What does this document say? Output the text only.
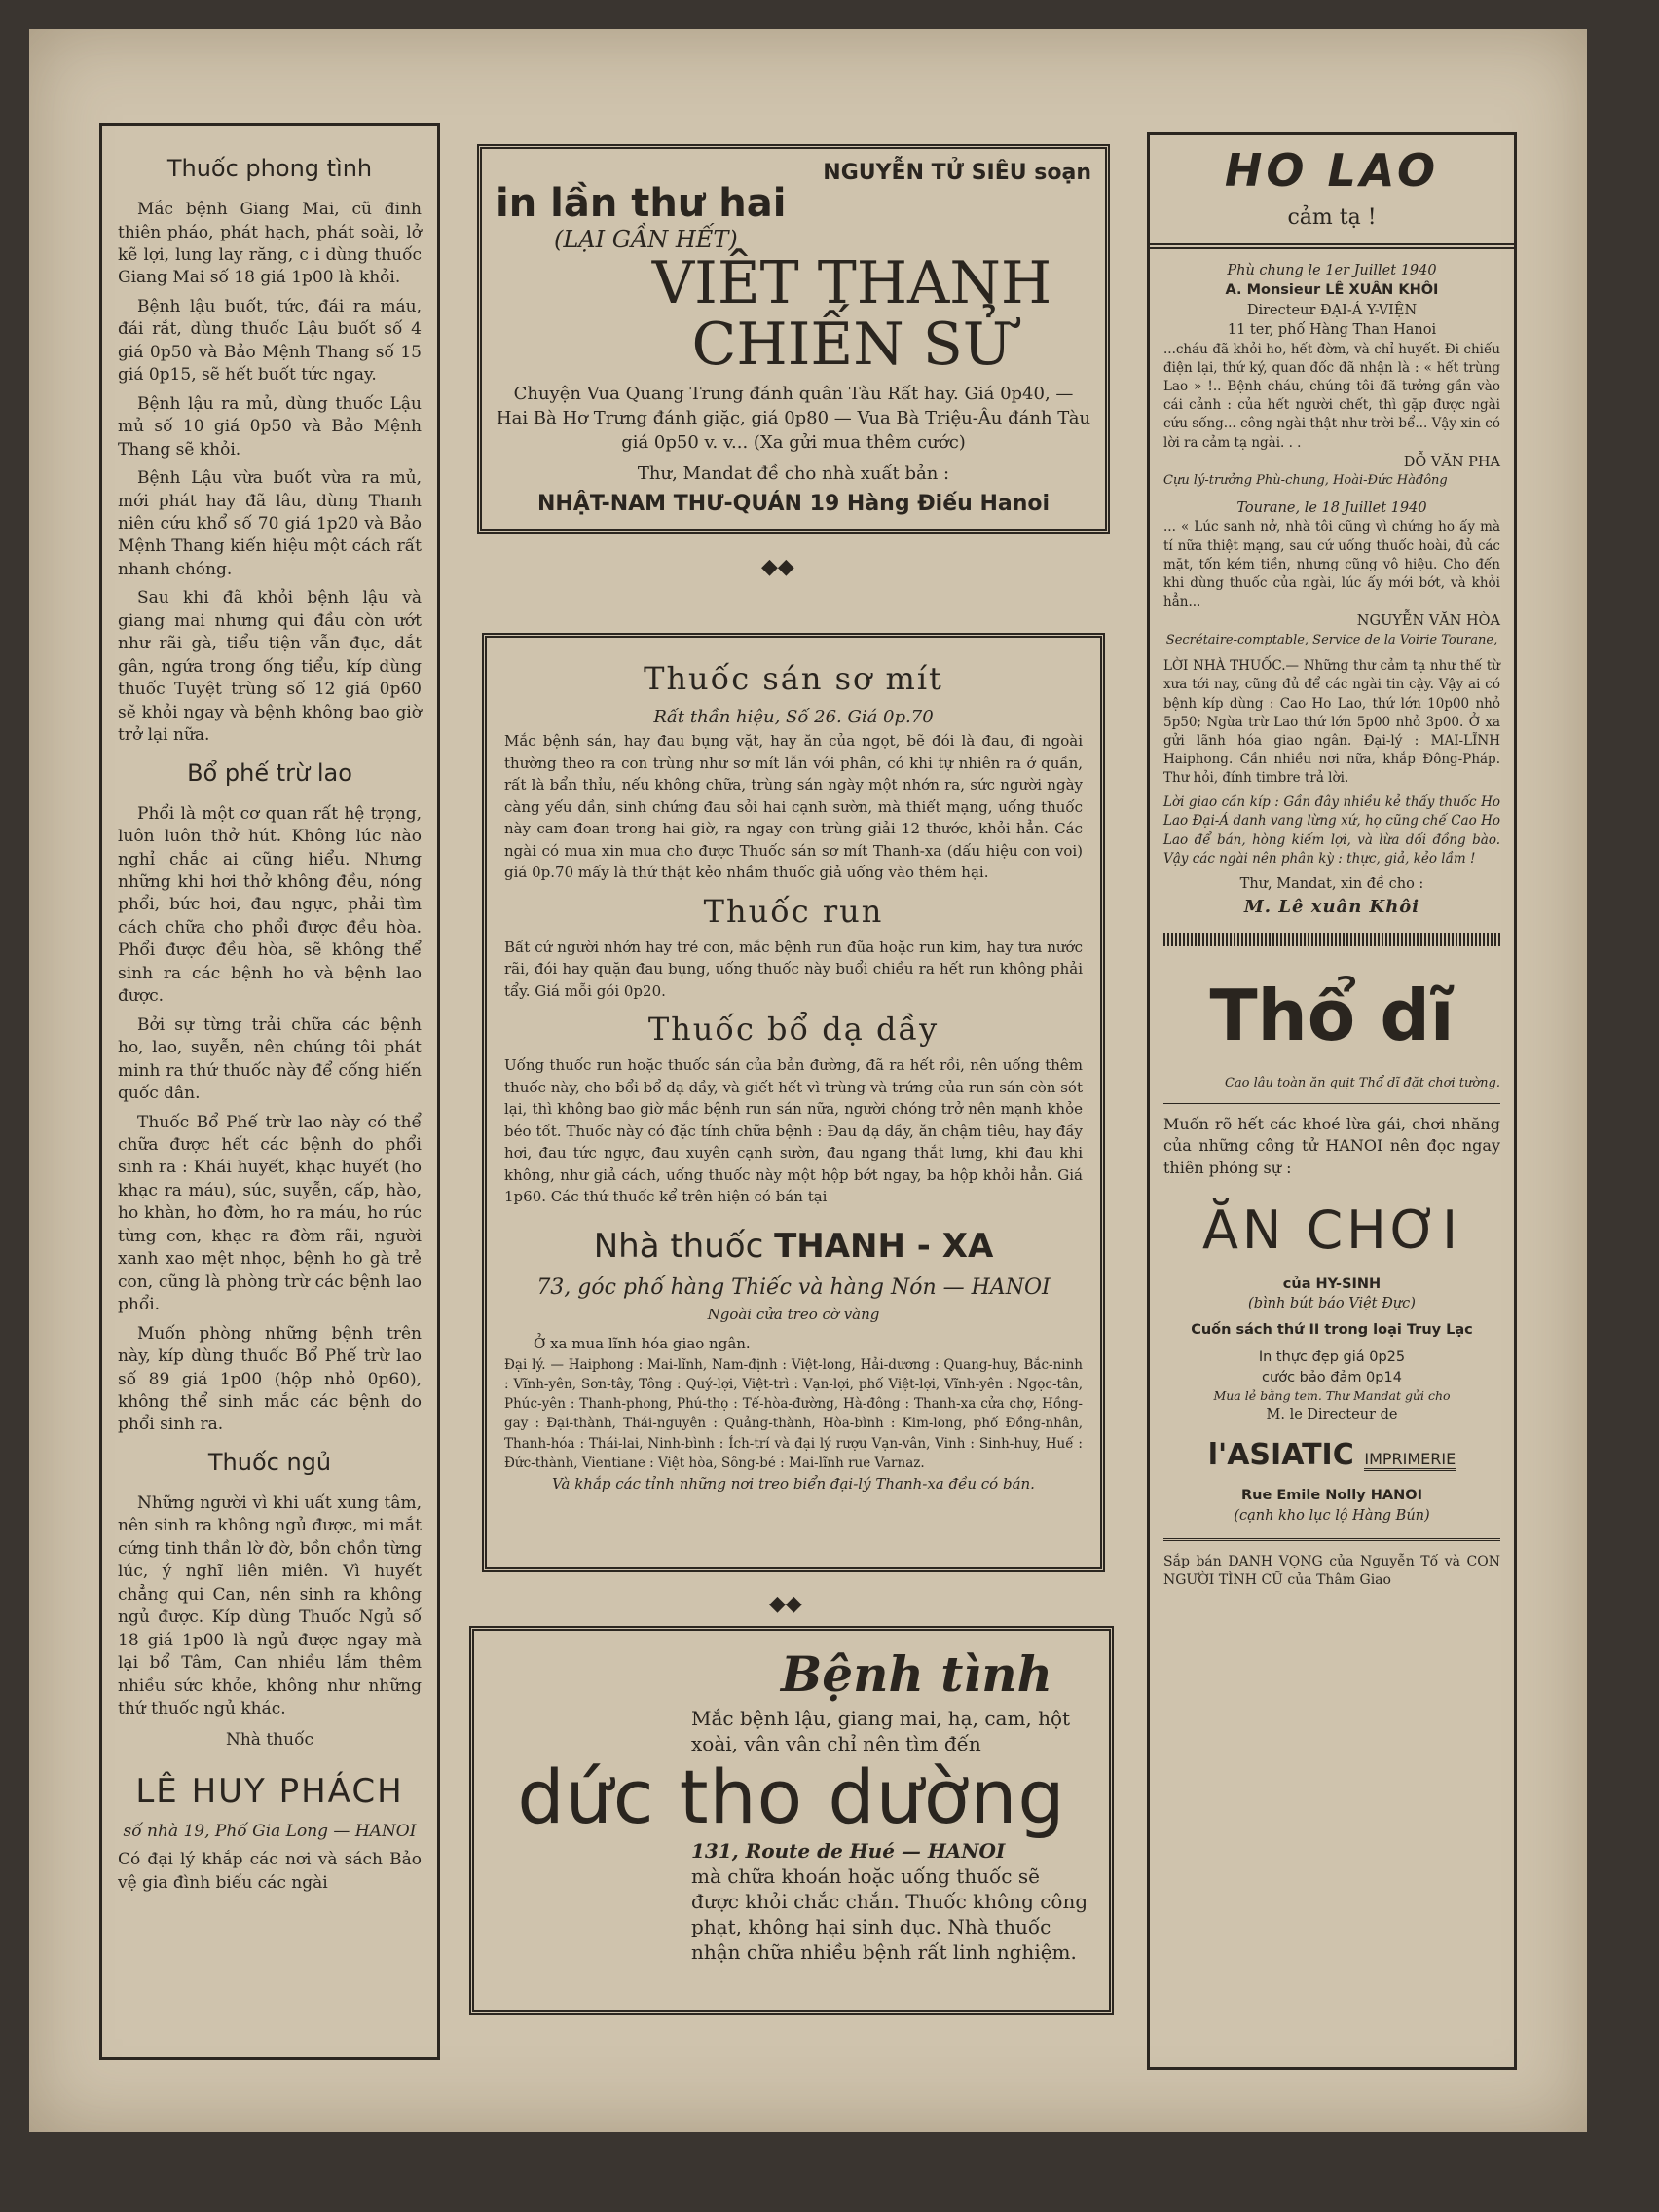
Thuốc phong tình

Mắc bệnh Giang Mai, cũ đinh thiên pháo, phát hạch, phát soài, lở kẽ lợi, lung lay răng, c i dùng thuốc Giang Mai số 18 giá 1p00 là khỏi.

Bệnh lậu buốt, tức, đái ra máu, đái rắt, dùng thuốc Lậu buốt số 4 giá 0p50 và Bảo Mệnh Thang số 15 giá 0p15, sẽ hết buốt tức ngay.

Bệnh lậu ra mủ, dùng thuốc Lậu mủ số 10 giá 0p50 và Bảo Mệnh Thang sẽ khỏi.

Bệnh Lậu vừa buốt vừa ra mủ, mới phát hay đã lâu, dùng Thanh niên cứu khổ số 70 giá 1p20 và Bảo Mệnh Thang kiến hiệu một cách rất nhanh chóng.

Sau khi đã khỏi bệnh lậu và giang mai nhưng qui đầu còn ướt như rãi gà, tiểu tiện vẫn đục, dắt gân, ngứa trong ống tiểu, kíp dùng thuốc Tuyệt trùng số 12 giá 0p60 sẽ khỏi ngay và bệnh không bao giờ trở lại nữa.

Bổ phế trừ lao

Phổi là một cơ quan rất hệ trọng, luôn luôn thở hút. Không lúc nào nghỉ chắc ai cũng hiểu. Nhưng những khi hơi thở không đều, nóng phổi, bức hơi, đau ngực, phải tìm cách chữa cho phổi được đều hòa. Phổi được đều hòa, sẽ không thể sinh ra các bệnh ho và bệnh lao được.

Bởi sự từng trải chữa các bệnh ho, lao, suyễn, nên chúng tôi phát minh ra thứ thuốc này để cống hiến quốc dân.

Thuốc Bổ Phế trừ lao này có thể chữa được hết các bệnh do phổi sinh ra : Khái huyết, khạc huyết (ho khạc ra máu), súc, suyễn, cấp, hào, ho khàn, ho đờm, ho ra máu, ho rúc từng cơn, khạc ra đờm rãi, người xanh xao mệt nhọc, bệnh ho gà trẻ con, cũng là phòng trừ các bệnh lao phổi.

Muốn phòng những bệnh trên này, kíp dùng thuốc Bổ Phế trừ lao số 89 giá 1p00 (hộp nhỏ 0p60), không thể sinh mắc các bệnh do phổi sinh ra.

Thuốc ngủ

Những người vì khi uất xung tâm, nên sinh ra không ngủ được, mi mắt cứng tinh thần lờ đờ, bồn chồn từng lúc, ý nghĩ liên miên. Vì huyết chẳng qui Can, nên sinh ra không ngủ được. Kíp dùng Thuốc Ngủ số 18 giá 1p00 là ngủ được ngay mà lại bổ Tâm, Can nhiều lắm thêm nhiều sức khỏe, không như những thứ thuốc ngủ khác.

Nhà thuốc

LÊ HUY PHÁCH

số nhà 19, Phố Gia Long — HANOI

Có đại lý khắp các nơi và sách Bảo vệ gia đình biếu các ngài

NGUYỄN TỬ SIÊU soạn
in lần thư hai
(LẠI GẦN HẾT)
VIÊT THANH
CHIẾN SỬ

Chuyện Vua Quang Trung đánh quân Tàu Rất hay. Giá 0p40, — Hai Bà Hơ Trưng đánh giặc, giá 0p80 — Vua Bà Triệu-Âu đánh Tàu giá 0p50 v. v... (Xa gửi mua thêm cước)

Thư, Mandat đề cho nhà xuất bản :

NHẬT-NAM THƯ-QUÁN 19 Hàng Điếu Hanoi

◆◆
Thuốc sán sơ mít
Rất thần hiệu, Số 26. Giá 0p.70

Mắc bệnh sán, hay đau bụng vặt, hay ăn của ngọt, bẽ đói là đau, đi ngoài thường theo ra con trùng như sơ mít lẫn với phân, có khi tự nhiên ra ở quần, rất là bẩn thỉu, nếu không chữa, trùng sán ngày một nhớn ra, sức người ngày càng yếu dần, sinh chứng đau sỏi hai cạnh sườn, mà thiết mạng, uống thuốc này cam đoan trong hai giờ, ra ngay con trùng giải 12 thước, khỏi hẳn. Các ngài có mua xin mua cho được Thuốc sán sơ mít Thanh-xa (dấu hiệu con voi) giá 0p.70 mấy là thứ thật kẻo nhầm thuốc giả uống vào thêm hại.

Thuốc run

Bất cứ người nhớn hay trẻ con, mắc bệnh run đũa hoặc run kim, hay tưa nước rãi, đói hay quặn đau bụng, uống thuốc này buổi chiều ra hết run không phải tẩy. Giá mỗi gói 0p20.

Thuốc bổ dạ dầy

Uống thuốc run hoặc thuốc sán của bản đường, đã ra hết rồi, nên uống thêm thuốc này, cho bổi bổ dạ dầy, và giết hết vì trùng và trứng của run sán còn sót lại, thì không bao giờ mắc bệnh run sán nữa, người chóng trở nên mạnh khỏe béo tốt. Thuốc này có đặc tính chữa bệnh : Đau dạ dầy, ăn chậm tiêu, hay đầy hơi, đau tức ngực, đau xuyên cạnh sườn, đau ngang thắt lưng, khi đau khi không, như giả cách, uống thuốc này một hộp bớt ngay, ba hộp khỏi hẳn. Giá 1p60. Các thứ thuốc kể trên hiện có bán tại

Nhà thuốc THANH - XA
73, góc phố hàng Thiếc và hàng Nón — HANOI
Ngoài cửa treo cờ vàng

Ở xa mua lĩnh hóa giao ngân.

Đại lý. — Haiphong : Mai-lĩnh, Nam-định : Việt-long, Hải-dương : Quang-huy, Bắc-ninh : Vĩnh-yên, Sơn-tây, Tông : Quý-lợi, Việt-trì : Vạn-lợi, phố Việt-lợi, Vĩnh-yên : Ngọc-tân, Phúc-yên : Thanh-phong, Phú-thọ : Tế-hòa-đường, Hà-đông : Thanh-xa cửa chợ, Hồng-gay : Đại-thành, Thái-nguyên : Quảng-thành, Hòa-bình : Kim-long, phố Đồng-nhân, Thanh-hóa : Thái-lai, Ninh-bình : Ích-trí và đại lý rượu Vạn-vân, Vinh : Sinh-huy, Huế : Đức-thành, Vientiane : Việt hòa, Sông-bé : Mai-lĩnh rue Varnaz.

Và khắp các tỉnh những nơi treo biển đại-lý Thanh-xa đều có bán.

◆◆
Bệnh tình

Mắc bệnh lậu, giang mai, hạ, cam, hột xoài, vân vân chỉ nên tìm đến

dức tho dường

131, Route de Hué — HANOI

mà chữa khoán hoặc uống thuốc sẽ được khỏi chắc chắn. Thuốc không công phạt, không hại sinh dục. Nhà thuốc nhận chữa nhiều bệnh rất linh nghiệm.

HO LAO
cảm tạ !

Phù chung le 1er Juillet 1940

A. Monsieur LÊ XUÂN KHÔI

Directeur ĐẠI-Á Y-VIỆN

11 ter, phố Hàng Than Hanoi

...cháu đã khỏi ho, hết đờm, và chỉ huyết. Đi chiếu điện lại, thứ ký, quan đốc đã nhận là : « hết trùng Lao » !.. Bệnh cháu, chúng tôi đã tưởng gần vào cái cảnh : của hết người chết, thì gặp được ngài cứu sống... công ngài thật như trời bể... Vậy xin có lời ra cảm tạ ngài. . .

ĐỖ VĂN PHA

Cựu lý-trưởng Phù-chung, Hoài-Đức Hàđông

Tourane, le 18 Juillet 1940

... « Lúc sanh nở, nhà tôi cũng vì chứng ho ấy mà tí nữa thiệt mạng, sau cứ uống thuốc hoài, đủ các mặt, tốn kém tiền, nhưng cũng vô hiệu. Cho đến khi dùng thuốc của ngài, lúc ấy mới bớt, và khỏi hẳn...

NGUYỄN VĂN HÒA

Secrétaire-comptable, Service de la Voirie Tourane,

LỜI NHÀ THUỐC.— Những thư cảm tạ như thế từ xưa tới nay, cũng đủ để các ngài tin cậy. Vậy ai có bệnh kíp dùng : Cao Ho Lao, thứ lớn 10p00 nhỏ 5p50; Ngừa trừ Lao thứ lớn 5p00 nhỏ 3p00. Ở xa gửi lãnh hóa giao ngân. Đại-lý : MAI-LĨNH Haiphong. Cần nhiều nơi nữa, khắp Đông-Pháp. Thư hỏi, đính timbre trả lời.

Lời giao cần kíp : Gần đây nhiều kẻ thấy thuốc Ho Lao Đại-Á danh vang lừng xứ, họ cũng chế Cao Ho Lao để bán, hòng kiếm lợi, và lừa dối đồng bào. Vậy các ngài nên phân kỳ : thực, giả, kẻo lầm !

Thư, Mandat, xin đề cho :

M. Lê xuân Khôi

Thổ dĩ

Cao lâu toàn ăn quịt Thổ dĩ đặt chơi tường.

Muốn rõ hết các khoé lừa gái, chơi nhăng của những công tử HANOI nên đọc ngay thiên phóng sự :

ĂN CHƠI

của HY-SINH

(bình bút báo Việt Đực)

Cuốn sách thứ II trong loại Truy Lạc

In thực đẹp giá 0p25

cước bảo đảm 0p14

Mua lẻ bằng tem. Thư Mandat gửi cho

M. le Directeur de

l'ASIATIC IMPRIMERIE

Rue Emile Nolly HANOI

(cạnh kho lục lộ Hàng Bún)

Sắp bán DANH VỌNG của Nguyễn Tố và CON NGƯỜI TÌNH CŨ của Thâm Giao
